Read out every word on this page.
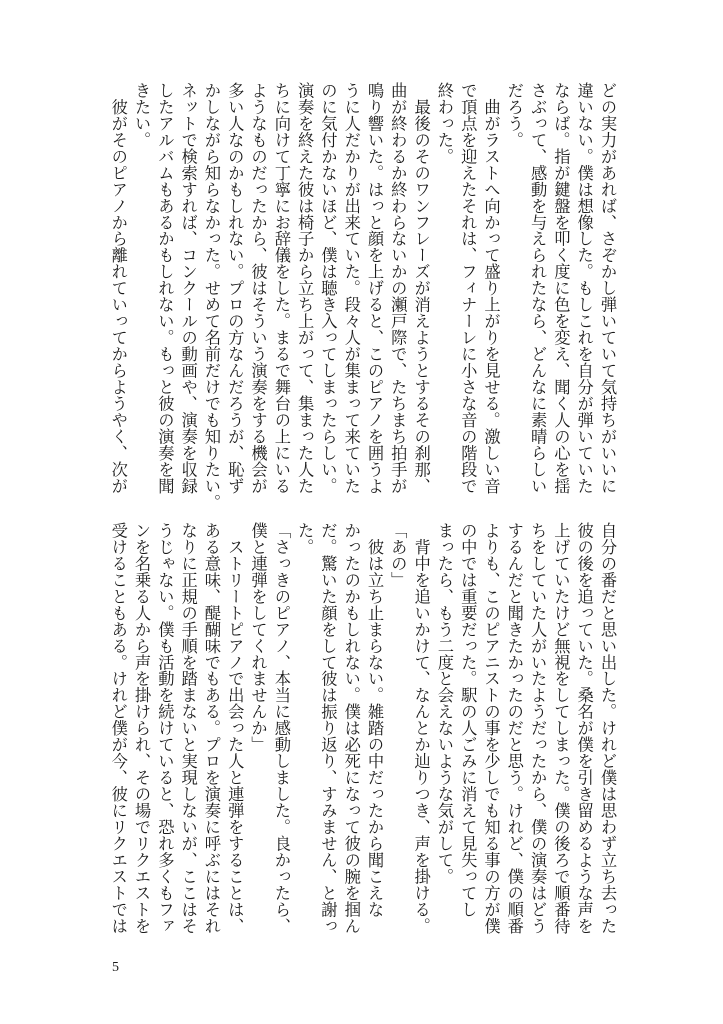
どの実力があれば、さぞかし弾いていて気持ちがいいに
違いない。僕は想像した。もしこれを自分が弾いていた
ならば。指が鍵盤を叩く度に色を変え、聞く人の心を揺
さぶって、感動を与えられたなら、どんなに素晴らしい
だろう。
　曲がラストへ向かって盛り上がりを見せる。激しい音
で頂点を迎えたそれは、フィナーレに小さな音の階段で
終わった。
　最後のそのワンフレーズが消えようとするその刹那、
曲が終わるか終わらないかの瀬戸際で、たちまち拍手が
鳴り響いた。はっと顔を上げると、このピアノを囲うよ
うに人だかりが出来ていた。段々人が集まって来ていた
のに気付かないほど、僕は聴き入ってしまったらしい。
演奏を終えた彼は椅子から立ち上がって、集まった人た
ちに向けて丁寧にお辞儀をした。まるで舞台の上にいる
ようなものだったから、彼はそういう演奏をする機会が
多い人なのかもしれない。プロの方なんだろうが、恥ず
かしながら知らなかった。せめて名前だけでも知りたい。
ネットで検索すれば、コンクールの動画や、演奏を収録
したアルバムもあるかもしれない。もっと彼の演奏を聞
きたい。
　彼がそのピアノから離れていってからようやく、次が
自分の番だと思い出した。けれど僕は思わず立ち去った
彼の後を追っていた。桑名が僕を引き留めるような声を
上げていたけど無視をしてしまった。僕の後ろで順番待
ちをしていた人がいたようだったから、僕の演奏はどう
するんだと聞きたかったのだと思う。けれど、僕の順番
よりも、このピアニストの事を少しでも知る事の方が僕
の中では重要だった。駅の人ごみに消えて見失ってし
まったら、もう二度と会えないような気がして。
　背中を追いかけて、なんとか辿りつき、声を掛ける。
「あの」
　彼は立ち止まらない。雑踏の中だったから聞こえな
かったのかもしれない。僕は必死になって彼の腕を掴ん
だ。驚いた顔をして彼は振り返り、すみません、と謝っ
た。
「さっきのピアノ、本当に感動しました。良かったら、
僕と連弾をしてくれませんか」
　ストリートピアノで出会った人と連弾をすることは、
ある意味、醍醐味でもある。プロを演奏に呼ぶにはそれ
なりに正規の手順を踏まないと実現しないが、ここはそ
うじゃない。僕も活動を続けていると、恐れ多くもファ
ンを名乗る人から声を掛けられ、その場でリクエストを
受けることもある。けれど僕が今、彼にリクエストでは
5
